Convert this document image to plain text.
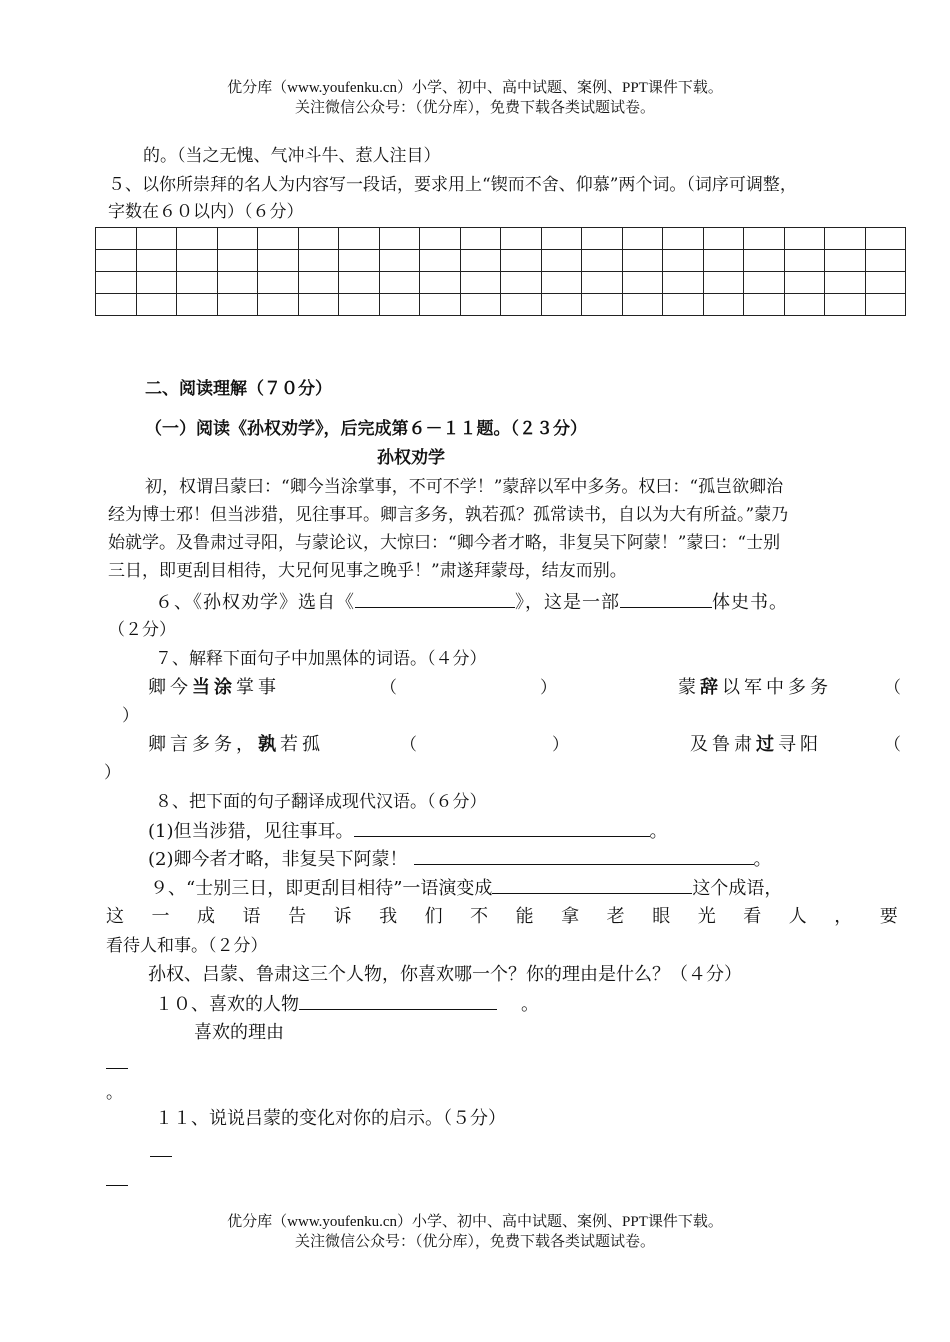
优分库（www.youfenku.cn）小学、初中、高中试题、案例、PPT课件下载。
关注微信公众号：（优分库），免费下载各类试题试卷。
的。（当之无愧、气冲斗牛、惹人注目）
５、以你所崇拜的名人为内容写一段话，要求用上“锲而不舍、仰慕”两个词。（词序可调整，
字数在６０以内）（６分）

二、阅读理解（７０分）
（一）阅读《孙权劝学》，后完成第６－１１题。（２３分）
孙权劝学
初，权谓吕蒙曰：“卿今当涂掌事，不可不学！”蒙辞以军中多务。权曰：“孤岂欲卿治
经为博士邪！但当涉猎，见往事耳。卿言多务，孰若孤？孤常读书，自以为大有所益。”蒙乃
始就学。及鲁肃过寻阳，与蒙论议，大惊曰：“卿今者才略，非复吴下阿蒙！”蒙曰：“士别
三日，即更刮目相待，大兄何见事之晚乎！”肃遂拜蒙母，结友而别。
６、《孙权劝学》选自《	》，这是一部	体史书。
（２分）
７、解释下面句子中加黑体的词语。（４分）
卿今当涂掌事	（	）	蒙辞以军中多务	（
）
卿言多务，孰若孤	（	）	及鲁肃过寻阳	（
）
８、把下面的句子翻译成现代汉语。（６分）
(1)但当涉猎，见往事耳。	。
(2)卿今者才略，非复吴下阿蒙！	。
９、“士别三日，即更刮目相待”一语演变成	这个成语，
这 一 成 语 告 诉 我 们 不 能 拿 老 眼 光 看 人 ， 要
看待人和事。（２分）
孙权、吕蒙、鲁肃这三个人物，你喜欢哪一个？你的理由是什么？（４分）
１０、喜欢的人物	。
喜欢的理由
。
１１、说说吕蒙的变化对你的启示。（５分）
优分库（www.youfenku.cn）小学、初中、高中试题、案例、PPT课件下载。
关注微信公众号：（优分库），免费下载各类试题试卷。
